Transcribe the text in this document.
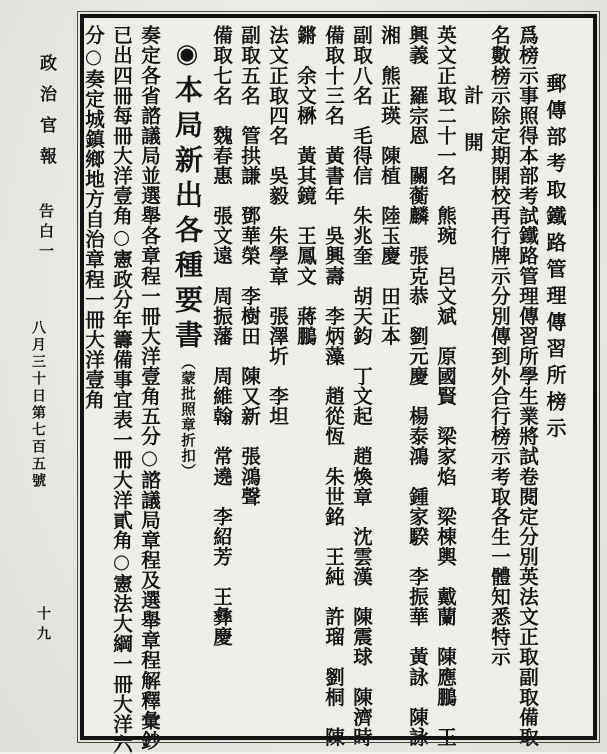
政治官報
告白一
八月三十日第七百五號
十九
郵傳部考取鐵路管理傳習所榜示
爲榜示事照得本部考試鐵路管理傳習所學生業將試卷閱定分別英法文正取副取備取
名數榜示除定期開校再行牌示分別傳到外合行榜示考取各生一體知悉特示
計　開
英文正取二十一名　熊琬　呂文斌　原國賢　梁家焰　梁棟輿　戴蘭　陳應鵬　王
興義　羅宗恩　關蘅麟　張克恭　劉元慶　楊泰鴻　鍾家騤　李振華　黃詠　陳詠
湘　熊正瑛　陳植　陸玉慶　田正本
副取八名　毛得信　朱兆奎　胡天鈞　丁文起　趙煥章　沈雲漢　陳震球　陳濟時
備取十三名　黃書年　吳興壽　李炳藻　趙從恆　朱世銘　王純　許瑠　劉桐　陳
鏘　余文楙　黃其鏡　王鳳文　蔣鵬
法文正取四名　吳毅　朱學章　張澤圻　李坦
副取五名　管拱謙　鄧華榮　李樹田　陳又新　張鴻聲
備取七名　魏春惠　張文遠　周振藩　周維翰　常遶　李紹芳　王彝慶
◉本局新出各種要書（蒙批照章折扣）
奏定各省諮議局並選舉各章程一冊大洋壹角五分○諮議局章程及選舉章程解釋彙鈔
已出四冊每冊大洋壹角○憲政分年籌備事宜表一冊大洋貳角○憲法大綱一冊大洋六
分○奏定城鎮鄉地方自治章程一冊大洋壹角
